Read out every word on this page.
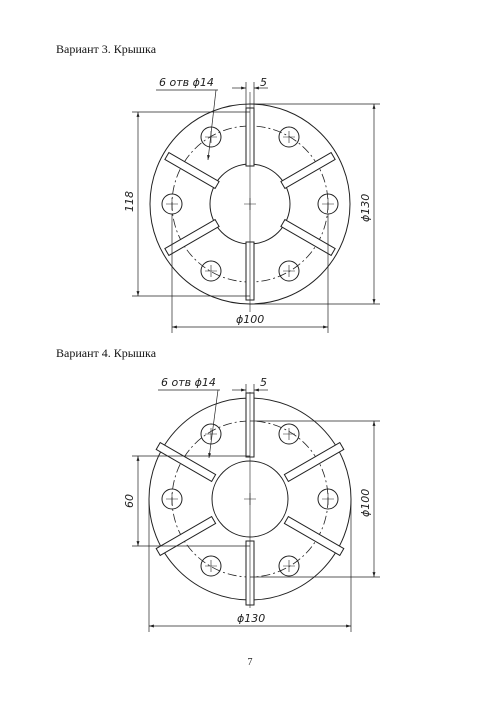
Вариант 3. Крышка
Вариант 4. Крышка
6 отв ϕ14	5
118	ϕ130
ϕ100
6 отв ϕ14	5
60	ϕ100
ϕ130
7
